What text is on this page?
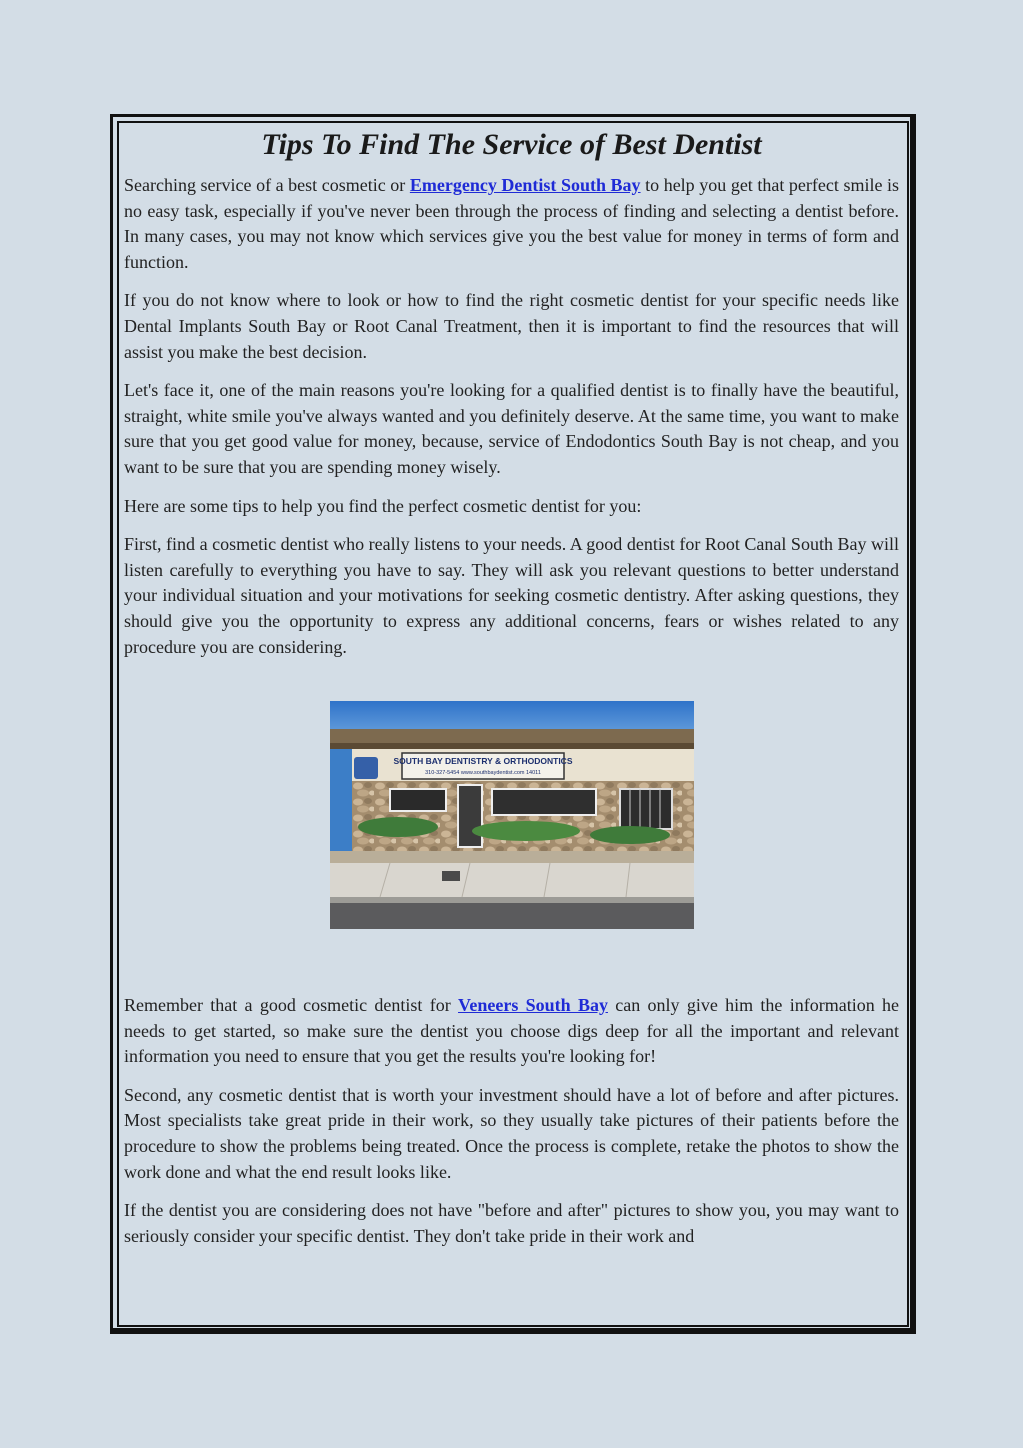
Tips To Find The Service of Best Dentist

Searching service of a best cosmetic or Emergency Dentist South Bay to help you get that perfect smile is no easy task, especially if you've never been through the process of finding and selecting a dentist before. In many cases, you may not know which services give you the best value for money in terms of form and function.

If you do not know where to look or how to find the right cosmetic dentist for your specific needs like Dental Implants South Bay or Root Canal Treatment, then it is important to find the resources that will assist you make the best decision.

Let's face it, one of the main reasons you're looking for a qualified dentist is to finally have the beautiful, straight, white smile you've always wanted and you definitely deserve. At the same time, you want to make sure that you get good value for money, because, service of Endodontics South Bay is not cheap, and you want to be sure that you are spending money wisely.

Here are some tips to help you find the perfect cosmetic dentist for you:

First, find a cosmetic dentist who really listens to your needs. A good dentist for Root Canal South Bay will listen carefully to everything you have to say. They will ask you relevant questions to better understand your individual situation and your motivations for seeking cosmetic dentistry. After asking questions, they should give you the opportunity to express any additional concerns, fears or wishes related to any procedure you are considering.

SOUTH BAY DENTISTRY & ORTHODONTICS
310-327-5454 www.southbaydentist.com 14011

Remember that a good cosmetic dentist for Veneers South Bay can only give him the information he needs to get started, so make sure the dentist you choose digs deep for all the important and relevant information you need to ensure that you get the results you're looking for!

Second, any cosmetic dentist that is worth your investment should have a lot of before and after pictures. Most specialists take great pride in their work, so they usually take pictures of their patients before the procedure to show the problems being treated. Once the process is complete, retake the photos to show the work done and what the end result looks like.

If the dentist you are considering does not have "before and after" pictures to show you, you may want to seriously consider your specific dentist. They don't take pride in their work and
